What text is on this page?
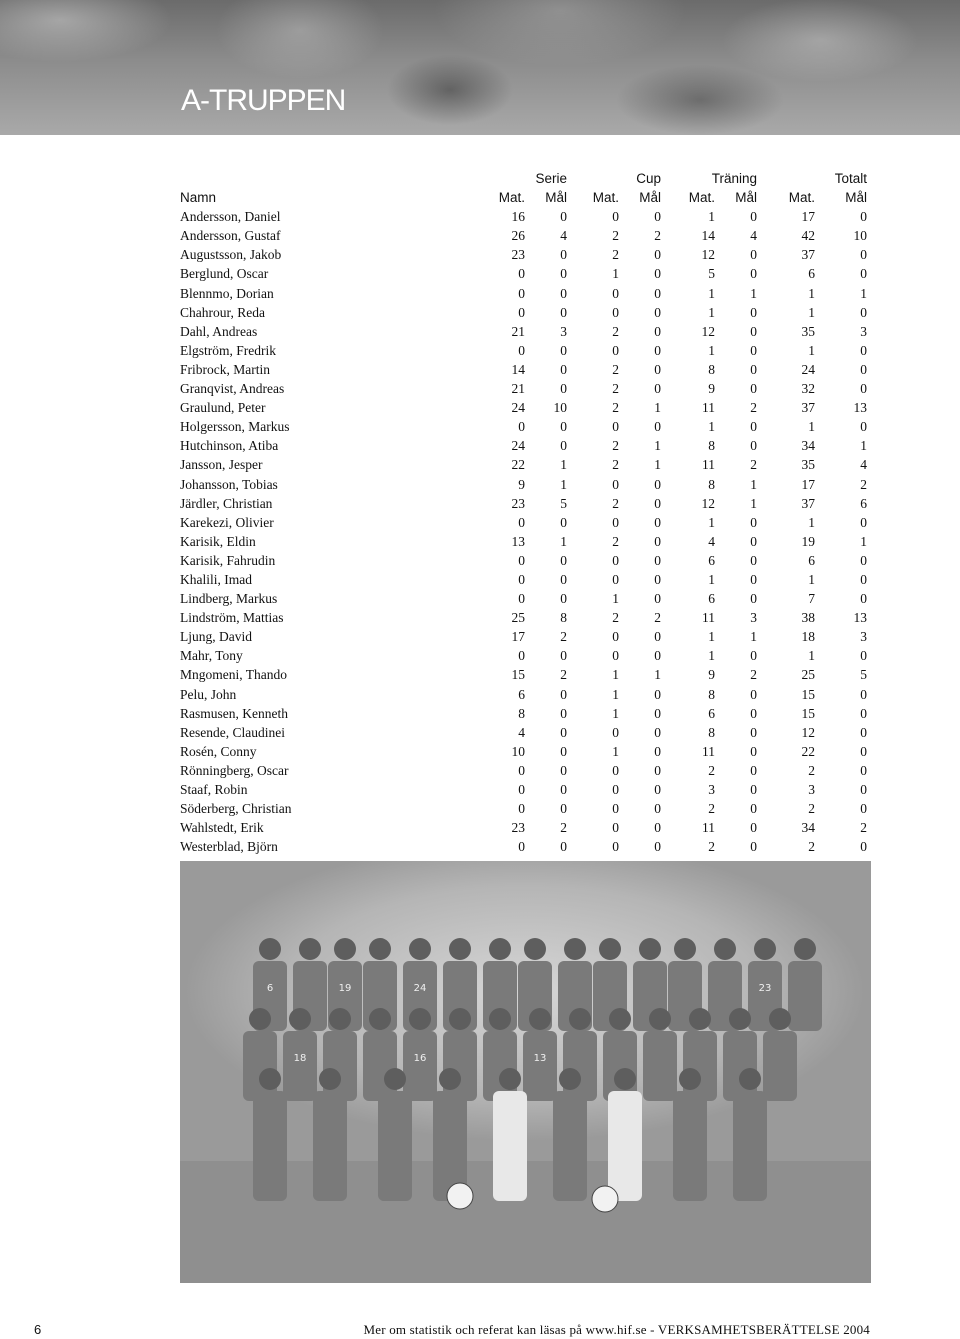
A-TRUPPEN
	Serie		Cup		Träning		Totalt	
Namn	Mat.	Mål	Mat.	Mål	Mat.	Mål	Mat.	Mål
Andersson, Daniel	16	0	0	0	1	0	17	0
Andersson, Gustaf	26	4	2	2	14	4	42	10
Augustsson, Jakob	23	0	2	0	12	0	37	0
Berglund, Oscar	0	0	1	0	5	0	6	0
Blennmo, Dorian	0	0	0	0	1	1	1	1
Chahrour, Reda	0	0	0	0	1	0	1	0
Dahl, Andreas	21	3	2	0	12	0	35	3
Elgström, Fredrik	0	0	0	0	1	0	1	0
Fribrock, Martin	14	0	2	0	8	0	24	0
Granqvist, Andreas	21	0	2	0	9	0	32	0
Graulund, Peter	24	10	2	1	11	2	37	13
Holgersson, Markus	0	0	0	0	1	0	1	0
Hutchinson, Atiba	24	0	2	1	8	0	34	1
Jansson, Jesper	22	1	2	1	11	2	35	4
Johansson, Tobias	9	1	0	0	8	1	17	2
Järdler, Christian	23	5	2	0	12	1	37	6
Karekezi, Olivier	0	0	0	0	1	0	1	0
Karisik, Eldin	13	1	2	0	4	0	19	1
Karisik, Fahrudin	0	0	0	0	6	0	6	0
Khalili, Imad	0	0	0	0	1	0	1	0
Lindberg, Markus	0	0	1	0	6	0	7	0
Lindström, Mattias	25	8	2	2	11	3	38	13
Ljung, David	17	2	0	0	1	1	18	3
Mahr, Tony	0	0	0	0	1	0	1	0
Mngomeni, Thando	15	2	1	1	9	2	25	5
Pelu, John	6	0	1	0	8	0	15	0
Rasmusen, Kenneth	8	0	1	0	6	0	15	0
Resende, Claudinei	4	0	0	0	8	0	12	0
Rosén, Conny	10	0	1	0	11	0	22	0
Rönningberg, Oscar	0	0	0	0	2	0	2	0
Staaf, Robin	0	0	0	0	3	0	3	0
Söderberg, Christian	0	0	0	0	2	0	2	0
Wahlstedt, Erik	23	2	0	0	11	0	34	2
Westerblad, Björn	0	0	0	0	2	0	2	0
6	19	24	23
18	16	13
6	Mer om statistik och referat kan läsas på www.hif.se - VERKSAMHETSBERÄTTELSE 2004
